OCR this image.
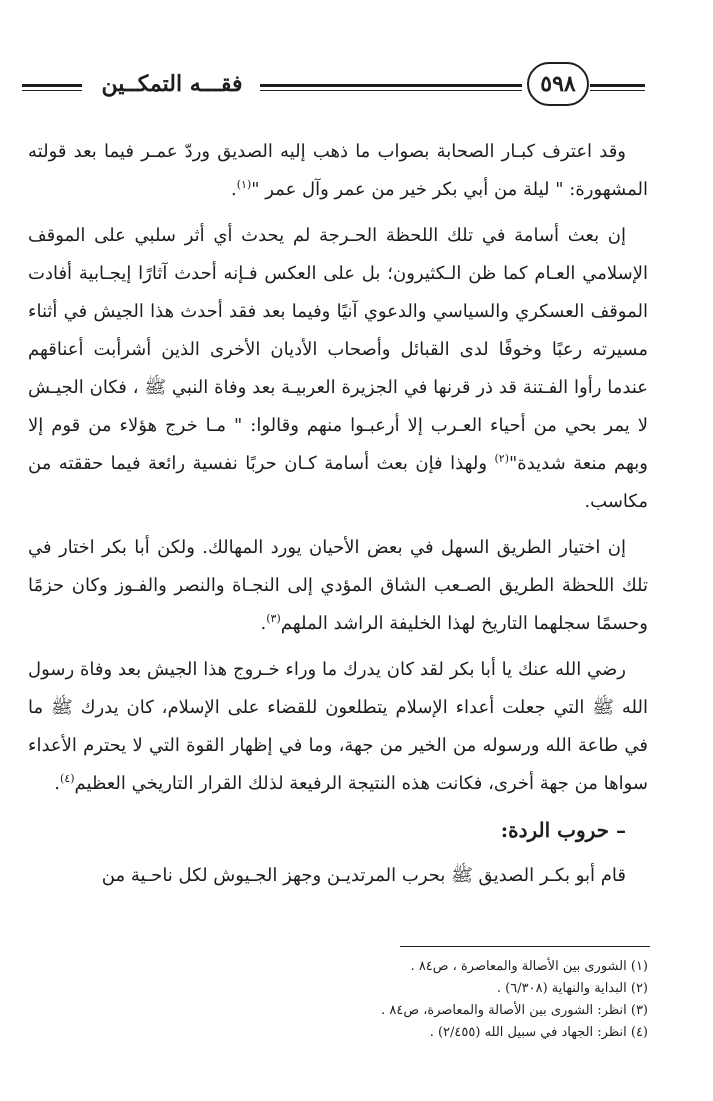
٥٩٨
فقـــه التمكــين

وقد اعترف كبـار الصحابة بصواب ما ذهب إليه الصديق وردّ عمـر فيما بعد قولته المشهورة: " ليلة من أبي بكر خير من عمر وآل عمر "$^{(١)}$.

إن بعث أسامة في تلك اللحظة الحـرجة لم يحدث أي أثر سلبي على الموقف الإسلامي العـام كما ظن الـكثيرون؛ بل على العكس فـإنه أحدث آثارًا إيجـابية أفادت الموقف العسكري والسياسي والدعوي آنيًا وفيما بعد فقد أحدث هذا الجيش في أثناء مسيرته رعبًا وخوفًا لدى القبائل وأصحاب الأديان الأخرى الذين أشرأبت أعناقهم عندما رأوا الفـتنة قد ذر قرنها في الجزيرة العربيـة بعد وفاة النبي ﷺ ، فكان الجيـش لا يمر بحي من أحياء العـرب إلا أرعبـوا منهم وقالوا: " مـا خرج هؤلاء من قوم إلا وبهم منعة شديدة"$^{(٢)}$ ولهذا فإن بعث أسامة كـان حربًا نفسية رائعة فيما حققته من مكاسب.

إن اختيار الطريق السهل في بعض الأحيان يورد المهالك. ولكن أبا بكر اختار في تلك اللحظة الطريق الصـعب الشاق المؤدي إلى النجـاة والنصر والفـوز وكان حزمًا وحسمًا سجلهما التاريخ لهذا الخليفة الراشد الملهم$^{(٣)}$.

رضي الله عنك يا أبا بكر لقد كان يدرك ما وراء خـروج هذا الجيش بعد وفاة رسول الله ﷺ التي جعلت أعداء الإسلام يتطلعون للقضاء على الإسلام، كان يدرك ﷺ ما في طاعة الله ورسوله من الخير من جهة، وما في إظهار القوة التي لا يحترم الأعداء سواها من جهة أخرى، فكانت هذه النتيجة الرفيعة لذلك القرار التاريخي العظيم$^{(٤)}$.

– حروب الردة:

قام أبو بكـر الصديق ﷺ بحرب المرتديـن وجهز الجـيوش لكل ناحـية من

(١) الشورى بين الأصالة والمعاصرة ، ص٨٤ .

(٢) البداية والنهاية (٦/٣٠٨) .

(٣) انظر: الشورى بين الأصالة والمعاصرة، ص٨٤ .

(٤) انظر: الجهاد في سبيل الله (٢/٤٥٥) .
